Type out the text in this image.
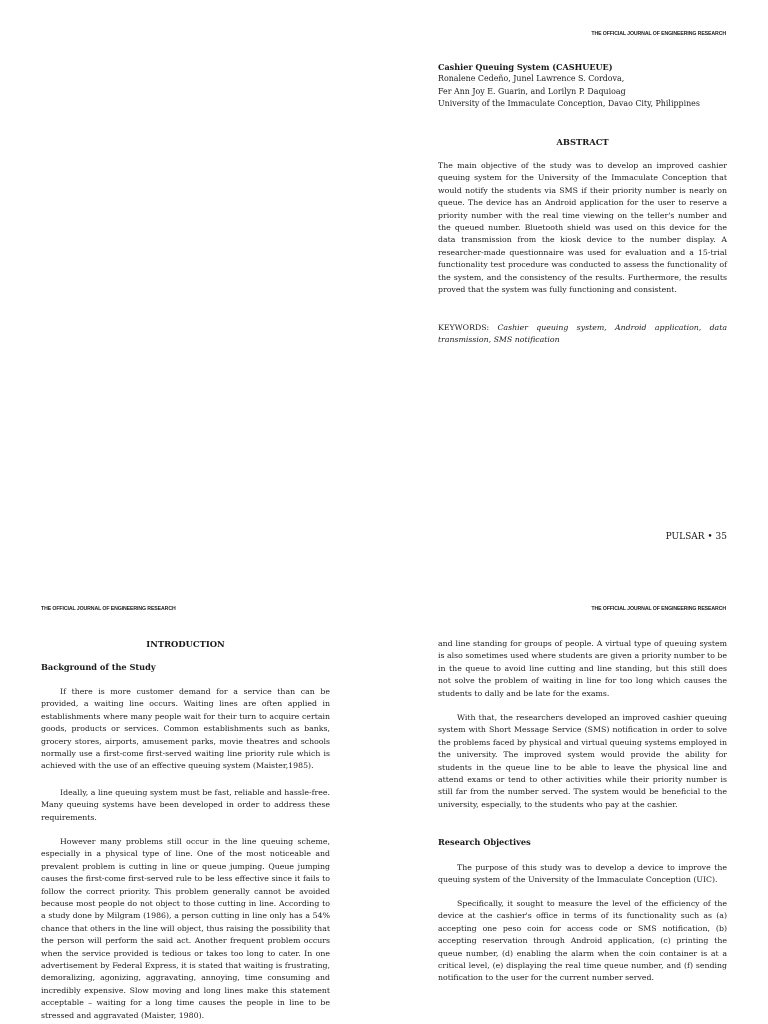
THE OFFICIAL JOURNAL OF ENGINEERING RESEARCH
Cashier Queuing System (CASHUEUE)
Ronalene Cedeño, Junel Lawrence S. Cordova,
Fer Ann Joy E. Guarin, and Lorilyn P. Daquioag
University of the Immaculate Conception, Davao City, Philippines
ABSTRACT

The main objective of the study was to develop an improved cashier queuing system for the University of the Immaculate Conception that would notify the students via SMS if their priority number is nearly on queue. The device has an Android application for the user to reserve a priority number with the real time viewing on the teller's number and the queued number. Bluetooth shield was used on this device for the data transmission from the kiosk device to the number display. A researcher-made questionnaire was used for evaluation and a 15-trial functionality test procedure was conducted to assess the functionality of the system, and the consistency of the results. Furthermore, the results proved that the system was fully functioning and consistent.

KEYWORDS: Cashier queuing system, Android application, data transmission, SMS notification

PULSAR • 35
THE OFFICIAL JOURNAL OF ENGINEERING RESEARCH	THE OFFICIAL JOURNAL OF ENGINEERING RESEARCH
INTRODUCTION
Background of the Study

If there is more customer demand for a service than can be provided, a waiting line occurs. Waiting lines are often applied in establishments where many people wait for their turn to acquire certain goods, products or services. Common establishments such as banks, grocery stores, airports, amusement parks, movie theatres and schools normally use a first-come first-served waiting line priority rule which is achieved with the use of an effective queuing system (Maister,1985).

Ideally, a line queuing system must be fast, reliable and hassle-free. Many queuing systems have been developed in order to address these requirements.

However many problems still occur in the line queuing scheme, especially in a physical type of line. One of the most noticeable and prevalent problem is cutting in line or queue jumping. Queue jumping causes the first-come first-served rule to be less effective since it fails to follow the correct priority. This problem generally cannot be avoided because most people do not object to those cutting in line. According to a study done by Milgram (1986), a person cutting in line only has a 54% chance that others in the line will object, thus raising the possibility that the person will perform the said act. Another frequent problem occurs when the service provided is tedious or takes too long to cater. In one advertisement by Federal Express, it is stated that waiting is frustrating, demoralizing, agonizing, aggravating, annoying, time consuming and incredibly expensive. Slow moving and long lines make this statement acceptable – waiting for a long time causes the people in line to be stressed and aggravated (Maister, 1980).

and line standing for groups of people. A virtual type of queuing system is also sometimes used where students are given a priority number to be in the queue to avoid line cutting and line standing, but this still does not solve the problem of waiting in line for too long which causes the students to dally and be late for the exams.

With that, the researchers developed an improved cashier queuing system with Short Message Service (SMS) notification in order to solve the problems faced by physical and virtual queuing systems employed in the university. The improved system would provide the ability for students in the queue line to be able to leave the physical line and attend exams or tend to other activities while their priority number is still far from the number served. The system would be beneficial to the university, especially, to the students who pay at the cashier.

Research Objectives

The purpose of this study was to develop a device to improve the queuing system of the University of the Immaculate Conception (UIC).

Specifically, it sought to measure the level of the efficiency of the device at the cashier's office in terms of its functionality such as (a) accepting one peso coin for access code or SMS notification, (b) accepting reservation through Android application, (c) printing the queue number, (d) enabling the alarm when the coin container is at a critical level, (e) displaying the real time queue number, and (f) sending notification to the user for the current number served.
